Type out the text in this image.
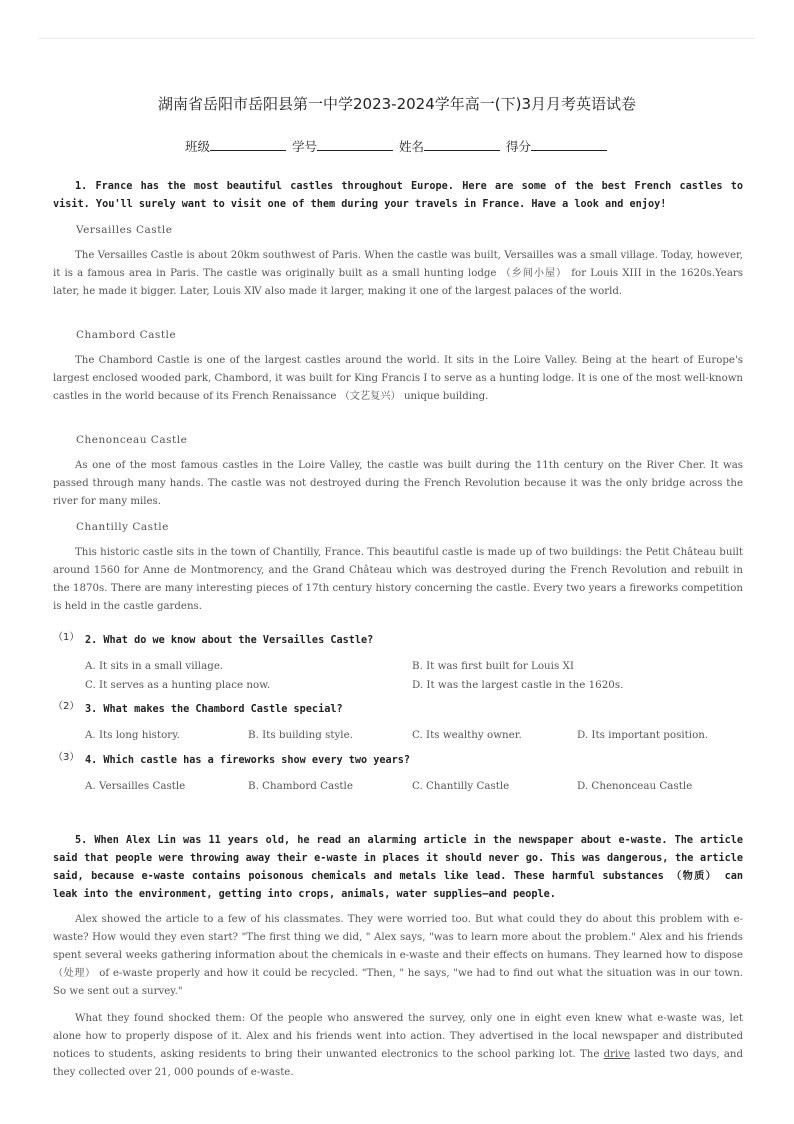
湖南省岳阳市岳阳县第一中学2023-2024学年高一(下)3月月考英语试卷
班级	学号	姓名	得分
1. France has the most beautiful castles throughout Europe. Here are some of the best French castles to visit. You'll surely want to visit one of them during your travels in France. Have a look and enjoy!
Versailles Castle
The Versailles Castle is about 20km southwest of Paris. When the castle was built, Versailles was a small village. Today, however, it is a famous area in Paris. The castle was originally built as a small hunting lodge （乡间小屋） for Louis XIII in the 1620s.Years later, he made it bigger. Later, Louis ⅩⅣ also made it larger, making it one of the largest palaces of the world.
Chambord Castle
The Chambord Castle is one of the largest castles around the world. It sits in the Loire Valley. Being at the heart of Europe's largest enclosed wooded park, Chambord, it was built for King Francis I to serve as a hunting lodge. It is one of the most well-known castles in the world because of its French Renaissance （文艺复兴） unique building.
Chenonceau Castle
As one of the most famous castles in the Loire Valley, the castle was built during the 11th century on the River Cher. It was passed through many hands. The castle was not destroyed during the French Revolution because it was the only bridge across the river for many miles.
Chantilly Castle
This historic castle sits in the town of Chantilly, France. This beautiful castle is made up of two buildings: the Petit Château built around 1560 for Anne de Montmorency, and the Grand Château which was destroyed during the French Revolution and rebuilt in the 1870s. There are many interesting pieces of 17th century history concerning the castle. Every two years a fireworks competition is held in the castle gardens.
（1） 2. What do we know about the Versailles Castle?
A. It sits in a small village.	B. It was first built for Louis XI
C. It serves as a hunting place now.	D. It was the largest castle in the 1620s.
（2） 3. What makes the Chambord Castle special?
A. Its long history.	B. Its building style.	C. Its wealthy owner.	D. Its important position.
（3） 4. Which castle has a fireworks show every two years?
A. Versailles Castle	B. Chambord Castle	C. Chantilly Castle	D. Chenonceau Castle
5. When Alex Lin was 11 years old, he read an alarming article in the newspaper about e-waste. The article said that people were throwing away their e-waste in places it should never go. This was dangerous, the article said, because e-waste contains poisonous chemicals and metals like lead. These harmful substances （物质） can leak into the environment, getting into crops, animals, water supplies—and people.
Alex showed the article to a few of his classmates. They were worried too. But what could they do about this problem with e-waste? How would they even start? "The first thing we did, " Alex says, "was to learn more about the problem." Alex and his friends spent several weeks gathering information about the chemicals in e-waste and their effects on humans. They learned how to dispose （处理） of e-waste properly and how it could be recycled. "Then, " he says, "we had to find out what the situation was in our town. So we sent out a survey."
What they found shocked them: Of the people who answered the survey, only one in eight even knew what e-waste was, let alone how to properly dispose of it. Alex and his friends went into action. They advertised in the local newspaper and distributed notices to students, asking residents to bring their unwanted electronics to the school parking lot. The drive lasted two days, and they collected over 21, 000 pounds of e-waste.
